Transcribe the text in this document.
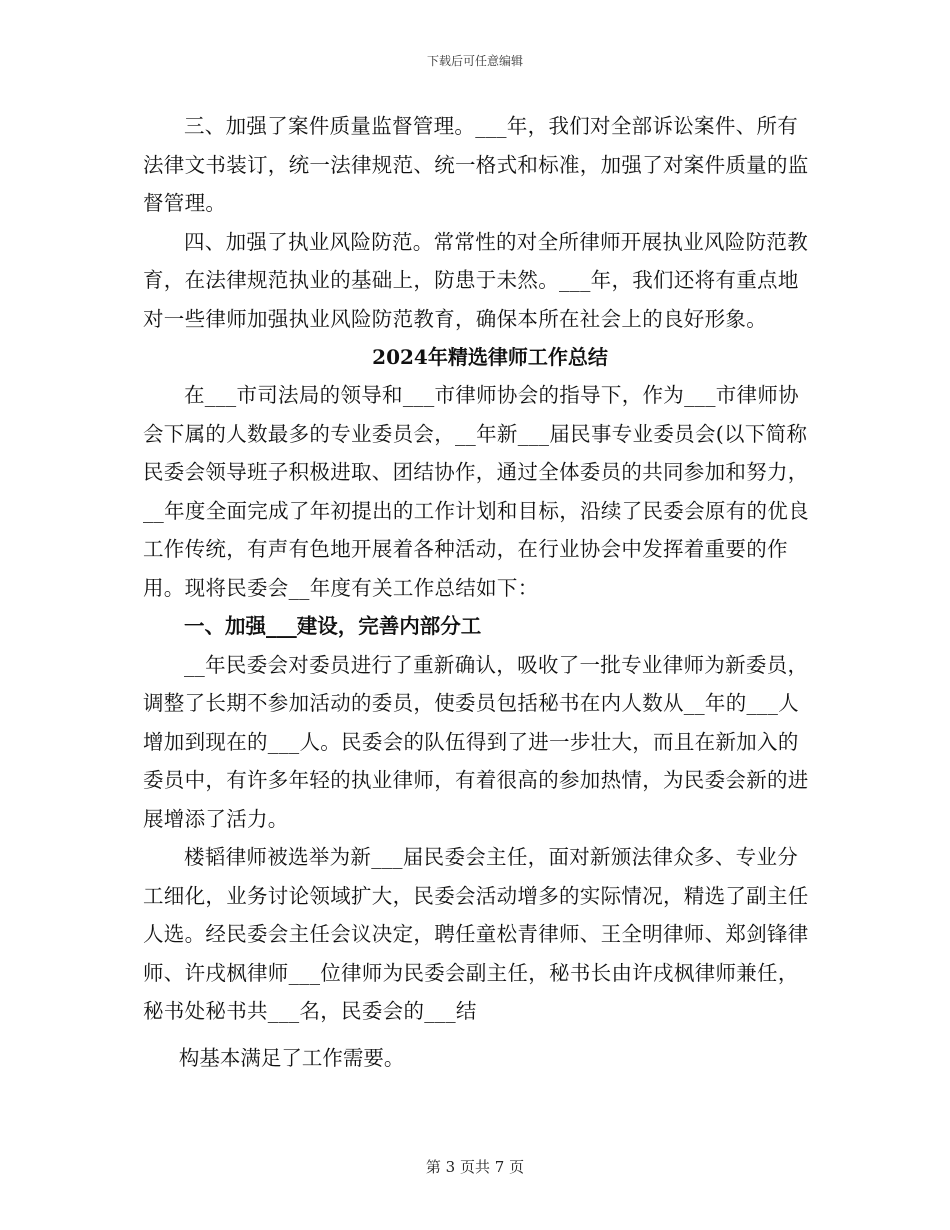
下载后可任意编辑

三、加强了案件质量监督管理。___年，我们对全部诉讼案件、所有法律文书装订，统一法律规范、统一格式和标准，加强了对案件质量的监督管理。

四、加强了执业风险防范。常常性的对全所律师开展执业风险防范教育，在法律规范执业的基础上，防患于未然。___年，我们还将有重点地对一些律师加强执业风险防范教育，确保本所在社会上的良好形象。

2024年精选律师工作总结

在___市司法局的领导和___市律师协会的指导下，作为___市律师协会下属的人数最多的专业委员会，__年新___届民事专业委员会(以下简称民委会领导班子积极进取、团结协作，通过全体委员的共同参加和努力，__年度全面完成了年初提出的工作计划和目标，沿续了民委会原有的优良工作传统，有声有色地开展着各种活动，在行业协会中发挥着重要的作用。现将民委会__年度有关工作总结如下：

一、加强___建设，完善内部分工

__年民委会对委员进行了重新确认，吸收了一批专业律师为新委员，调整了长期不参加活动的委员，使委员包括秘书在内人数从__年的___人增加到现在的___人。民委会的队伍得到了进一步壮大，而且在新加入的委员中，有许多年轻的执业律师，有着很高的参加热情，为民委会新的进展增添了活力。

楼韬律师被选举为新___届民委会主任，面对新颁法律众多、专业分工细化，业务讨论领域扩大，民委会活动增多的实际情况，精选了副主任人选。经民委会主任会议决定，聘任童松青律师、王全明律师、郑剑锋律师、许戌枫律师___位律师为民委会副主任，秘书长由许戌枫律师兼任，秘书处秘书共___名，民委会的___结

构基本满足了工作需要。

第 3 页共 7 页
